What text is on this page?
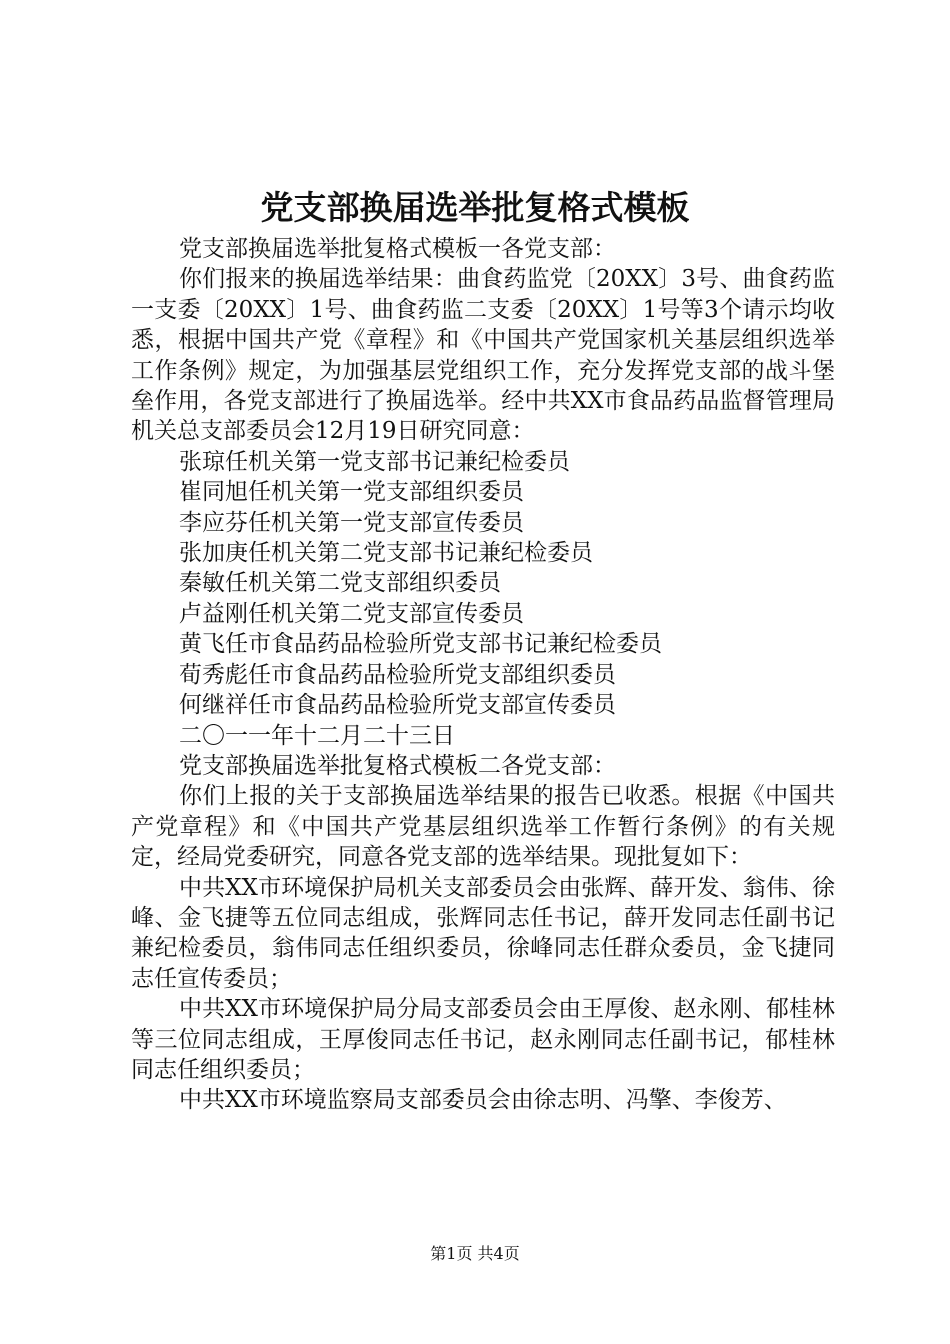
党支部换届选举批复格式模板

党支部换届选举批复格式模板一各党支部：

你们报来的换届选举结果：曲食药监党〔20XX〕3号、曲食药监一支委〔20XX〕1号、曲食药监二支委〔20XX〕1号等3个请示均收悉，根据中国共产党《章程》和《中国共产党国家机关基层组织选举工作条例》规定，为加强基层党组织工作，充分发挥党支部的战斗堡垒作用，各党支部进行了换届选举。经中共XX市食品药品监督管理局机关总支部委员会12月19日研究同意：

张琼任机关第一党支部书记兼纪检委员

崔同旭任机关第一党支部组织委员

李应芬任机关第一党支部宣传委员

张加庚任机关第二党支部书记兼纪检委员

秦敏任机关第二党支部组织委员

卢益刚任机关第二党支部宣传委员

黄飞任市食品药品检验所党支部书记兼纪检委员

荀秀彪任市食品药品检验所党支部组织委员

何继祥任市食品药品检验所党支部宣传委员

二〇一一年十二月二十三日

党支部换届选举批复格式模板二各党支部：

你们上报的关于支部换届选举结果的报告已收悉。根据《中国共产党章程》和《中国共产党基层组织选举工作暂行条例》的有关规定，经局党委研究，同意各党支部的选举结果。现批复如下：

中共XX市环境保护局机关支部委员会由张辉、薛开发、翁伟、徐峰、金飞捷等五位同志组成，张辉同志任书记，薛开发同志任副书记兼纪检委员，翁伟同志任组织委员，徐峰同志任群众委员，金飞捷同志任宣传委员；

中共XX市环境保护局分局支部委员会由王厚俊、赵永刚、郁桂林等三位同志组成，王厚俊同志任书记，赵永刚同志任副书记，郁桂林同志任组织委员；

中共XX市环境监察局支部委员会由徐志明、冯擎、李俊芳、

第1页 共4页
